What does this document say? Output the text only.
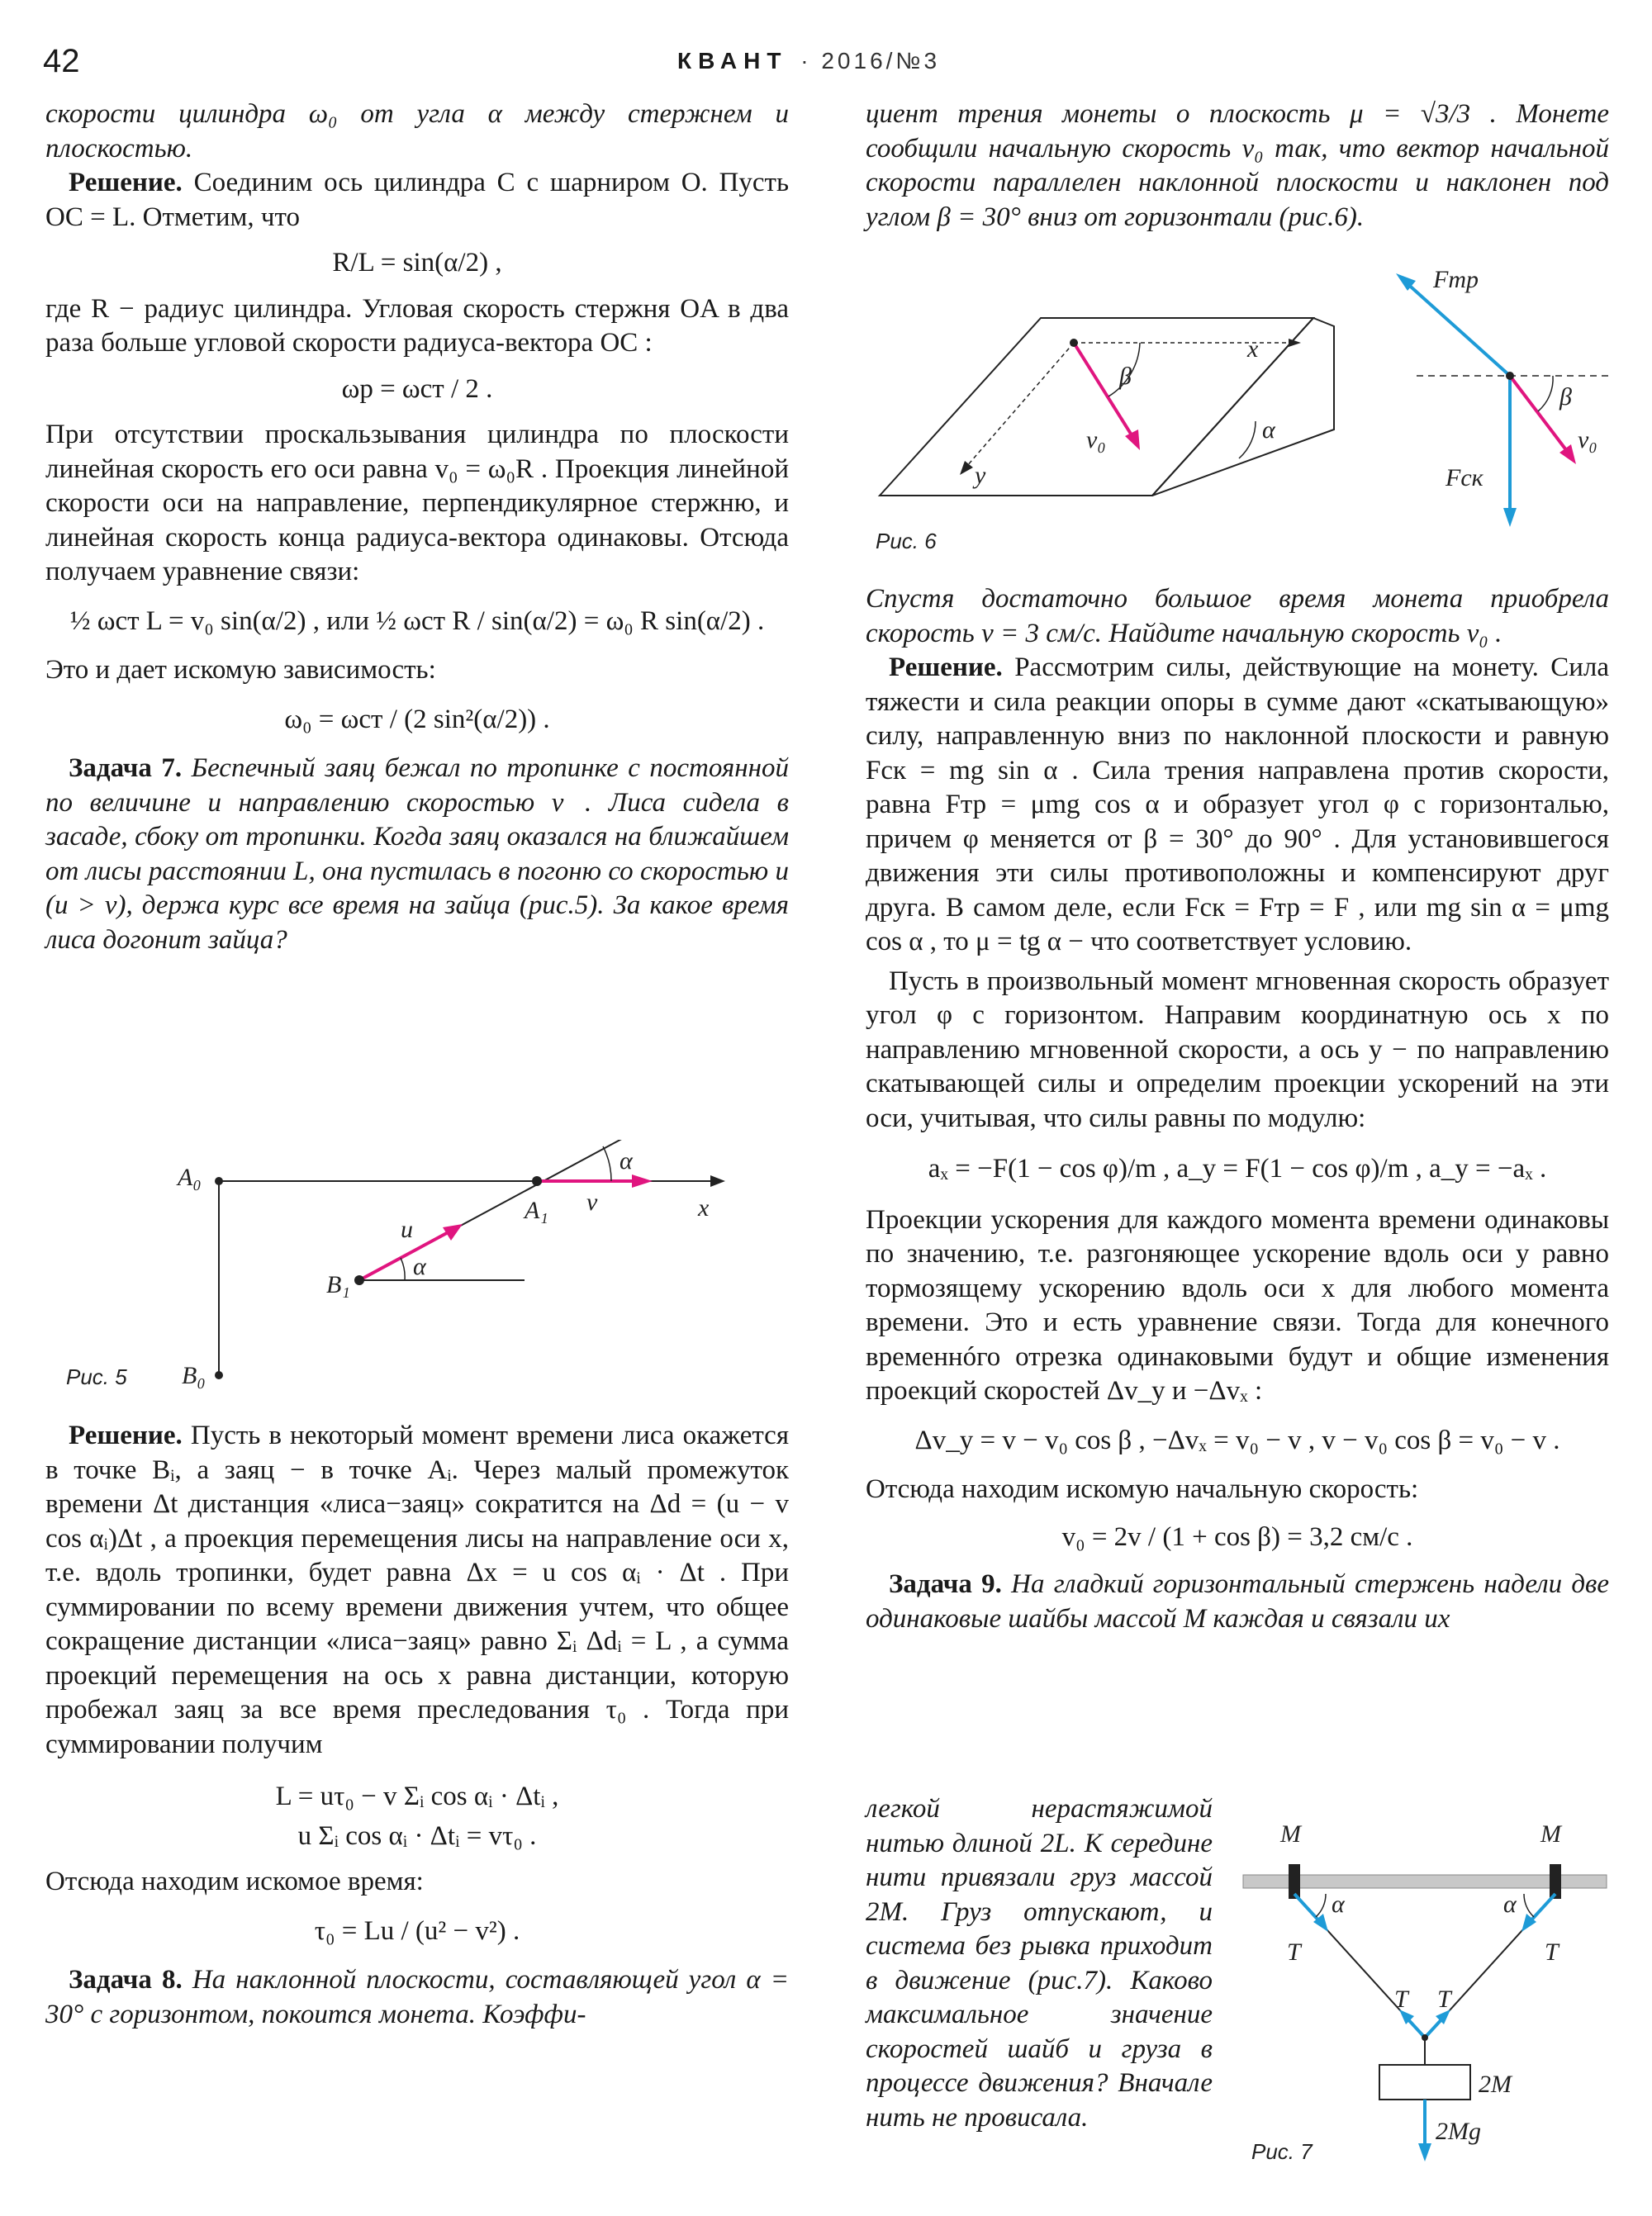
42	КВАНТ · 2016/№3

скорости цилиндра ω₀ от угла α между стержнем и плоскостью.

Решение. Соединим ось цилиндра C с шарниром O. Пусть OC = L. Отметим, что

R/L = sin(α/2) ,

где R − радиус цилиндра. Угловая скорость стержня OA в два раза больше угловой скорости радиуса-вектора OC :

ωр = ωст / 2 .

При отсутствии проскальзывания цилиндра по плоскости линейная скорость его оси равна v₀ = ω₀R . Проекция линейной скорости оси на направление, перпендикулярное стержню, и линейная скорость конца радиуса-вектора одинаковы. Отсюда получаем уравнение связи:

½ ωст L = v₀ sin(α/2) , или ½ ωст R / sin(α/2) = ω₀ R sin(α/2) .

Это и дает искомую зависимость:

ω₀ = ωст / (2 sin²(α/2)) .

Задача 7. Беспечный заяц бежал по тропинке с постоянной по величине и направлению скоростью v⃗. Лиса сидела в засаде, сбоку от тропинки. Когда заяц оказался на ближайшем от лисы расстоянии L, она пустилась в погоню со скоростью u (u > v), держа курс все время на зайца (рис.5). За какое время лиса догонит зайца?

A₀
B₀
A₁
B₁
u
v	x
α
α
Рис. 5

Решение. Пусть в некоторый момент времени лиса окажется в точке Bᵢ, а заяц − в точке Aᵢ. Через малый промежуток времени Δt дистанция «лиса−заяц» сократится на Δd = (u − v cos αᵢ)Δt , а проекция перемещения лисы на направление оси x, т.е. вдоль тропинки, будет равна Δx = u cos αᵢ · Δt . При суммировании по всему времени движения учтем, что общее сокращение дистанции «лиса−заяц» равно Σᵢ Δdᵢ = L , а сумма проекций перемещения на ось x равна дистанции, которую пробежал заяц за все время преследования τ₀ . Тогда при суммировании получим

L = uτ₀ − v Σᵢ cos αᵢ · Δtᵢ ,

u Σᵢ cos αᵢ · Δtᵢ = vτ₀ .

Отсюда находим искомое время:

τ₀ = Lu / (u² − v²) .

Задача 8. На наклонной плоскости, составляющей угол α = 30° с горизонтом, покоится монета. Коэффи-

циент трения монеты о плоскость μ = √3/3 . Монете сообщили начальную скорость v₀ так, что вектор начальной скорости параллелен наклонной плоскости и наклонен под углом β = 30° вниз от горизонтали (рис.6).

x
y
β
v₀	α
Fтр
Fск
β
v₀
Рис. 6

Спустя достаточно большое время монета приобрела скорость v = 3 см/с. Найдите начальную скорость v₀ .

Решение. Рассмотрим силы, действующие на монету. Сила тяжести и сила реакции опоры в сумме дают «скатывающую» силу, направленную вниз по наклонной плоскости и равную Fск = mg sin α . Сила трения направлена против скорости, равна Fтр = μmg cos α и образует угол φ с горизонталью, причем φ меняется от β = 30° до 90° . Для установившегося движения эти силы противоположны и компенсируют друг друга. В самом деле, если Fск = Fтр = F , или mg sin α = μmg cos α , то μ = tg α − что соответствует условию.

Пусть в произвольный момент мгновенная скорость образует угол φ с горизонтом. Направим координатную ось x по направлению мгновенной скорости, а ось y − по направлению скатывающей силы и определим проекции ускорений на эти оси, учитывая, что силы равны по модулю:

aₓ = −F(1 − cos φ)/m , a_y = F(1 − cos φ)/m , a_y = −aₓ .

Проекции ускорения для каждого момента времени одинаковы по значению, т.е. разгоняющее ускорение вдоль оси y равно тормозящему ускорению вдоль оси x для любого момента времени. Это и есть уравнение связи. Тогда для конечного временнóго отрезка одинаковыми будут и общие изменения проекций скоростей Δv_y и −Δvₓ :

Δv_y = v − v₀ cos β , −Δvₓ = v₀ − v , v − v₀ cos β = v₀ − v .

Отсюда находим искомую начальную скорость:

v₀ = 2v / (1 + cos β) = 3,2 см/с .

Задача 9. На гладкий горизонтальный стержень надели две одинаковые шайбы массой M каждая и связали их

легкой нерастяжимой нитью длиной 2L. К середине нити привязали груз массой 2M. Груз отпускают, и система без рывка приходит в движение (рис.7). Каково максимальное значение скоростей шайб и груза в процессе движения? Вначале нить не провисала.

M	M
α	α
T	T
T T
2M
2Mg
Рис. 7
